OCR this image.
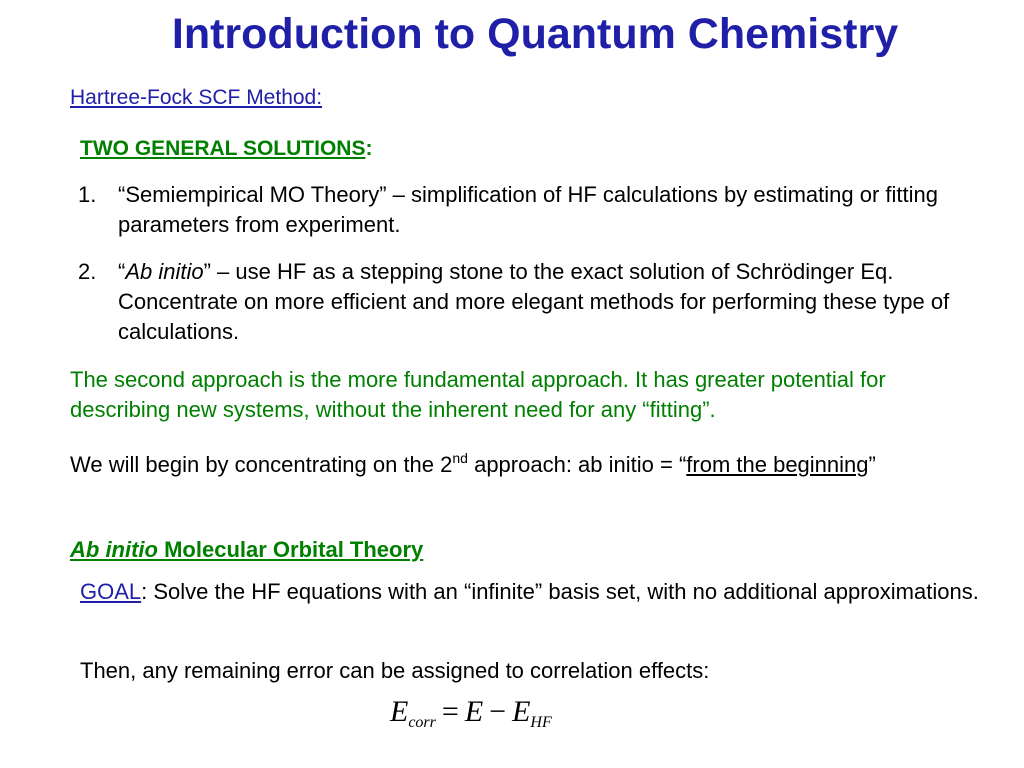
Introduction to Quantum Chemistry
Hartree-Fock SCF Method:
TWO GENERAL SOLUTIONS:
1. “Semiempirical MO Theory” – simplification of HF calculations by estimating or fitting parameters from experiment.
2. “Ab initio” – use HF as a stepping stone to the exact solution of Schrödinger Eq. Concentrate on more efficient and more elegant methods for performing these type of calculations.
The second approach is the more fundamental approach. It has greater potential for describing new systems, without the inherent need for any “fitting”.
We will begin by concentrating on the 2nd approach: ab initio = “from the beginning”
Ab initio Molecular Orbital Theory
GOAL: Solve the HF equations with an “infinite” basis set, with no additional approximations.
Then, any remaining error can be assigned to correlation effects:
$E_{corr} = E - E_{HF}$
